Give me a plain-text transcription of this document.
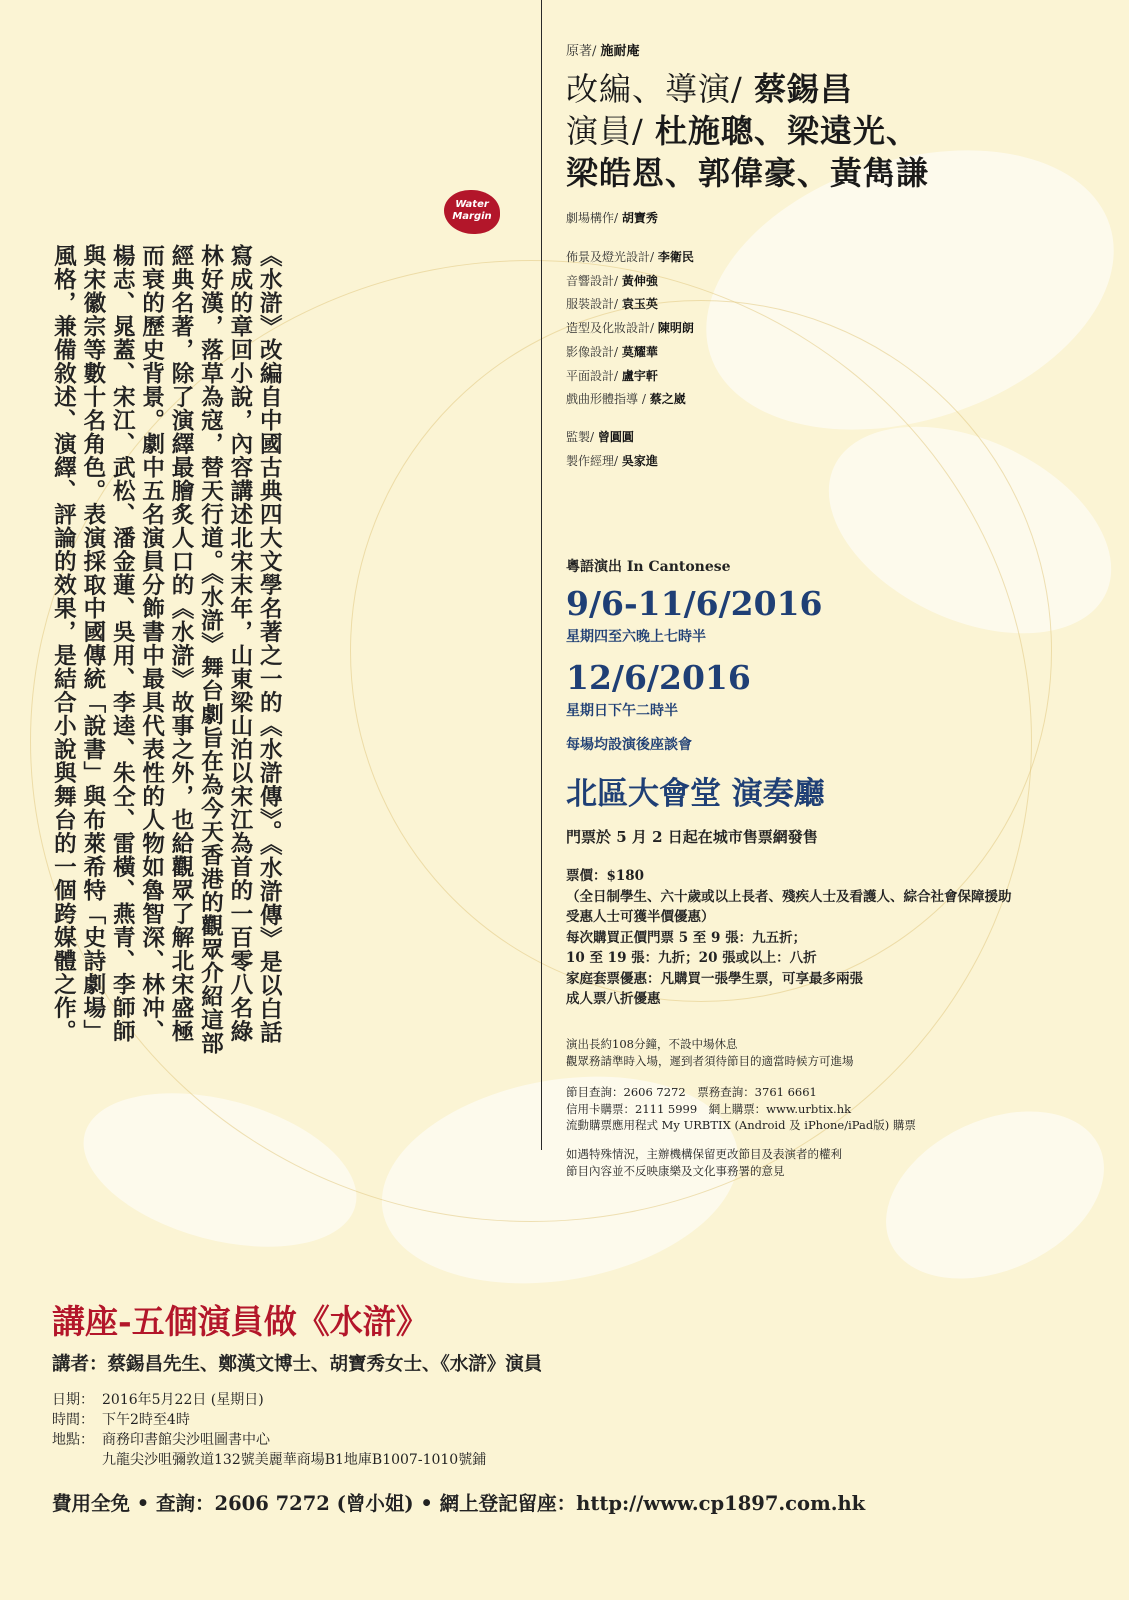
Water
Margin
《水滸》改編自中國古典四大文學名著之一的《水滸傳》。《水滸傳》是以白話寫成的章回小說，內容講述北宋末年，山東梁山泊以宋江為首的一百零八名綠林好漢，落草為寇，替天行道。《水滸》舞台劇旨在為今天香港的觀眾介紹這部經典名著，除了演繹最膾炙人口的《水滸》故事之外，也給觀眾了解北宋盛極而衰的歷史背景。劇中五名演員分飾書中最具代表性的人物如魯智深、林冲、楊志、晁蓋、宋江、武松、潘金蓮、吳用、李逵、朱仝、雷橫、燕青、李師師與宋徽宗等數十名角色。表演採取中國傳統「說書」與布萊希特「史詩劇場」風格，兼備敘述、演繹、評論的效果，是結合小說與舞台的一個跨媒體之作。

原著/ 施耐庵

改編、導演/ 蔡錫昌

演員/ 杜施聰、梁遠光、

梁皓恩、郭偉豪、黃雋謙

劇場構作/ 胡寶秀

佈景及燈光設計/ 李衛民

音響設計/ 黃伸強

服裝設計/ 袁玉英

造型及化妝設計/ 陳明朗

影像設計/ 莫耀華

平面設計/ 盧宇軒

戲曲形體指導 / 蔡之崴

監製/ 曾圓圓

製作經理/ 吳家進

粵語演出 In Cantonese
9/6-11/6/2016
星期四至六晚上七時半
12/6/2016
星期日下午二時半
每場均設演後座談會
北區大會堂 演奏廳
門票於 5 月 2 日起在城市售票網發售
票價：$180
（全日制學生、六十歲或以上長者、殘疾人士及看護人、綜合社會保障援助
受惠人士可獲半價優惠）
每次購買正價門票 5 至 9 張：九五折；
10 至 19 張：九折；20 張或以上：八折
家庭套票優惠：凡購買一張學生票，可享最多兩張
成人票八折優惠
演出長約108分鐘，不設中場休息
觀眾務請準時入場，遲到者須待節目的適當時候方可進場
節目查詢：2606 7272　票務查詢：3761 6661
信用卡購票：2111 5999　網上購票：www.urbtix.hk
流動購票應用程式 My URBTIX (Android 及 iPhone/iPad版) 購票
如遇特殊情況，主辦機構保留更改節目及表演者的權利
節目內容並不反映康樂及文化事務署的意見
講座-五個演員做《水滸》
講者：蔡錫昌先生、鄭漢文博士、胡寶秀女士、《水滸》演員
日期： 2016年5月22日 (星期日)
時間： 下午2時至4時
地點： 商務印書館尖沙咀圖書中心
九龍尖沙咀彌敦道132號美麗華商場B1地庫B1007-1010號鋪
費用全免 • 查詢：2606 7272 (曾小姐) • 網上登記留座：http://www.cp1897.com.hk
